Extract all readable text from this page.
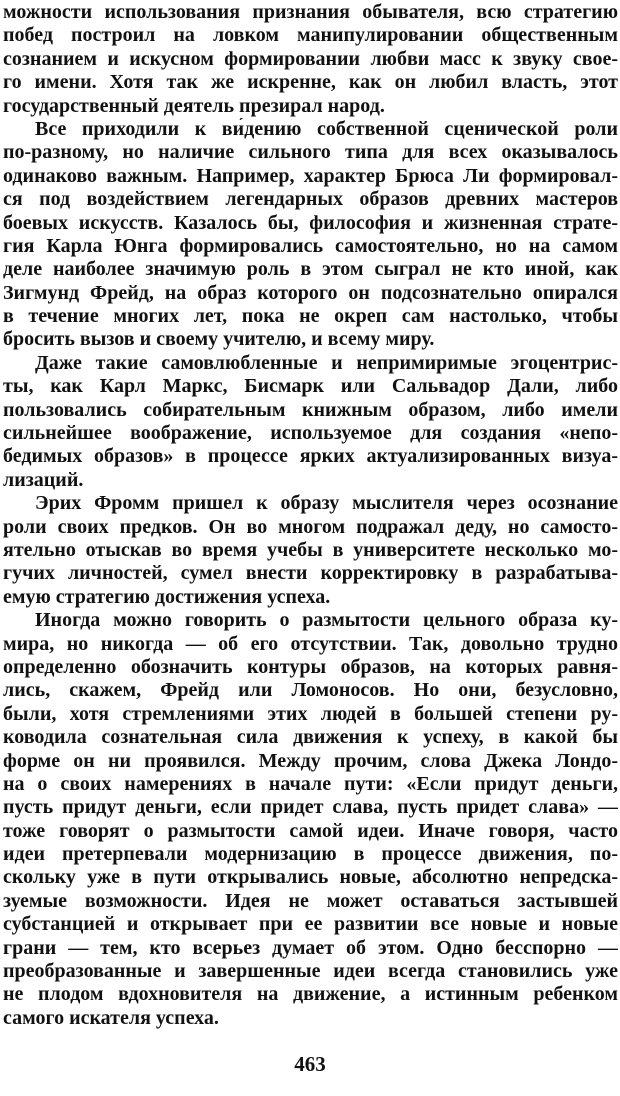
можности использования признания обывателя, всю стратегию
побед построил на ловком манипулировании общественным
сознанием и искусном формировании любви масс к звуку свое-
го имени. Хотя так же искренне, как он любил власть, этот
государственный деятель презирал народ.
Все приходили к ви́дению собственной сценической роли
по-разному, но наличие сильного типа для всех оказывалось
одинаково важным. Например, характер Брюса Ли формировал-
ся под воздействием легендарных образов древних мастеров
боевых искусств. Казалось бы, философия и жизненная страте-
гия Карла Юнга формировались самостоятельно, но на самом
деле наиболее значимую роль в этом сыграл не кто иной, как
Зигмунд Фрейд, на образ которого он подсознательно опирался
в течение многих лет, пока не окреп сам настолько, чтобы
бросить вызов и своему учителю, и всему миру.
Даже такие самовлюбленные и непримиримые эгоцентрис-
ты, как Карл Маркс, Бисмарк или Сальвадор Дали, либо
пользовались собирательным книжным образом, либо имели
сильнейшее воображение, используемое для создания «непо-
бедимых образов» в процессе ярких актуализированных визуа-
лизаций.
Эрих Фромм пришел к образу мыслителя через осознание
роли своих предков. Он во многом подражал деду, но самосто-
ятельно отыскав во время учебы в университете несколько мо-
гучих личностей, сумел внести корректировку в разрабатыва-
емую стратегию достижения успеха.
Иногда можно говорить о размытости цельного образа ку-
мира, но никогда — об его отсутствии. Так, довольно трудно
определенно обозначить контуры образов, на которых равня-
лись, скажем, Фрейд или Ломоносов. Но они, безусловно,
были, хотя стремлениями этих людей в большей степени ру-
ководила сознательная сила движения к успеху, в какой бы
форме он ни проявился. Между прочим, слова Джека Лондо-
на о своих намерениях в начале пути: «Если придут деньги,
пусть придут деньги, если придет слава, пусть придет слава» —
тоже говорят о размытости самой идеи. Иначе говоря, часто
идеи претерпевали модернизацию в процессе движения, по-
скольку уже в пути открывались новые, абсолютно непредска-
зуемые возможности. Идея не может оставаться застывшей
субстанцией и открывает при ее развитии все новые и новые
грани — тем, кто всерьез думает об этом. Одно бесспорно —
преобразованные и завершенные идеи всегда становились уже
не плодом вдохновителя на движение, а истинным ребенком
самого искателя успеха.
463
